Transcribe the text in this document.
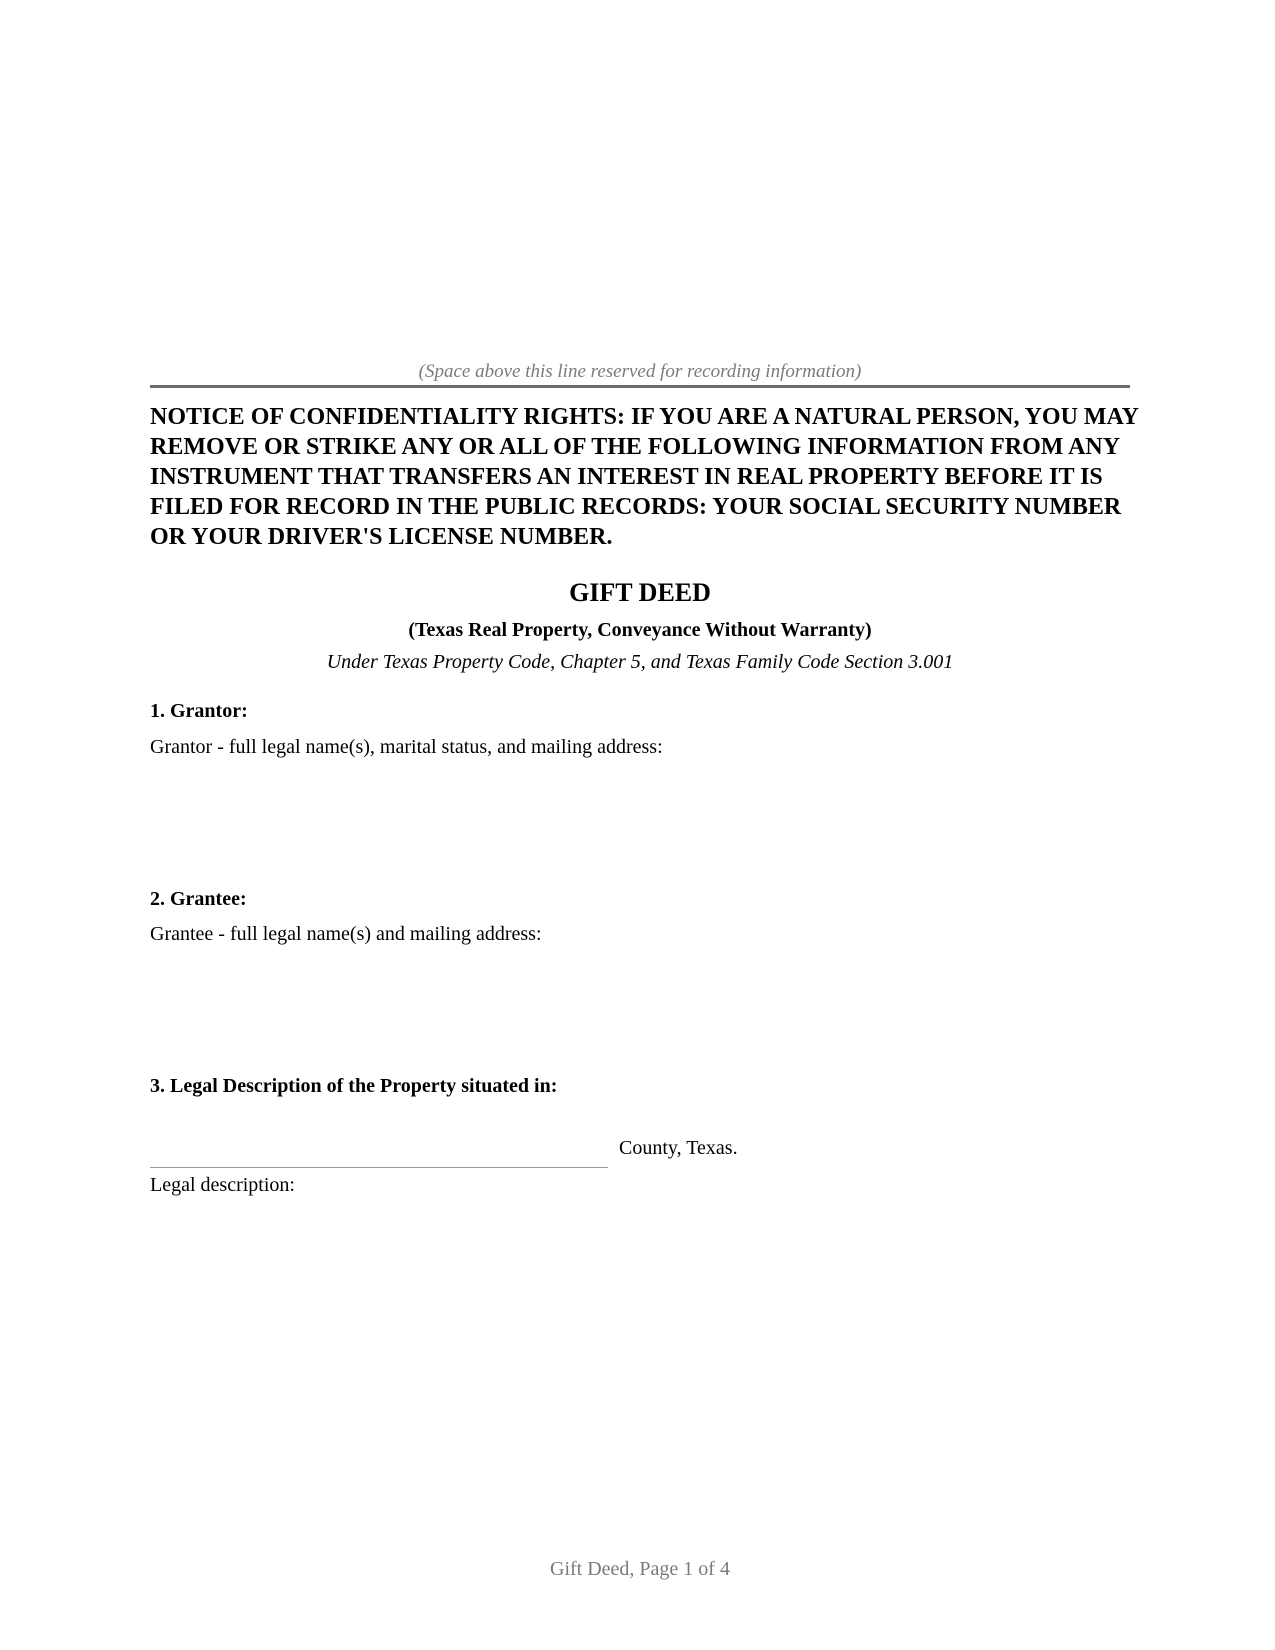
(Space above this line reserved for recording information)

NOTICE OF CONFIDENTIALITY RIGHTS: IF YOU ARE A NATURAL PERSON, YOU MAY REMOVE OR STRIKE ANY OR ALL OF THE FOLLOWING INFORMATION FROM ANY INSTRUMENT THAT TRANSFERS AN INTEREST IN REAL PROPERTY BEFORE IT IS FILED FOR RECORD IN THE PUBLIC RECORDS: YOUR SOCIAL SECURITY NUMBER OR YOUR DRIVER'S LICENSE NUMBER.

GIFT DEED
(Texas Real Property, Conveyance Without Warranty)
Under Texas Property Code, Chapter 5, and Texas Family Code Section 3.001
1. Grantor:
Grantor - full legal name(s), marital status, and mailing address:
2. Grantee:
Grantee - full legal name(s) and mailing address:
3. Legal Description of the Property situated in:
County, Texas.
Legal description:
Gift Deed, Page 1 of 4
